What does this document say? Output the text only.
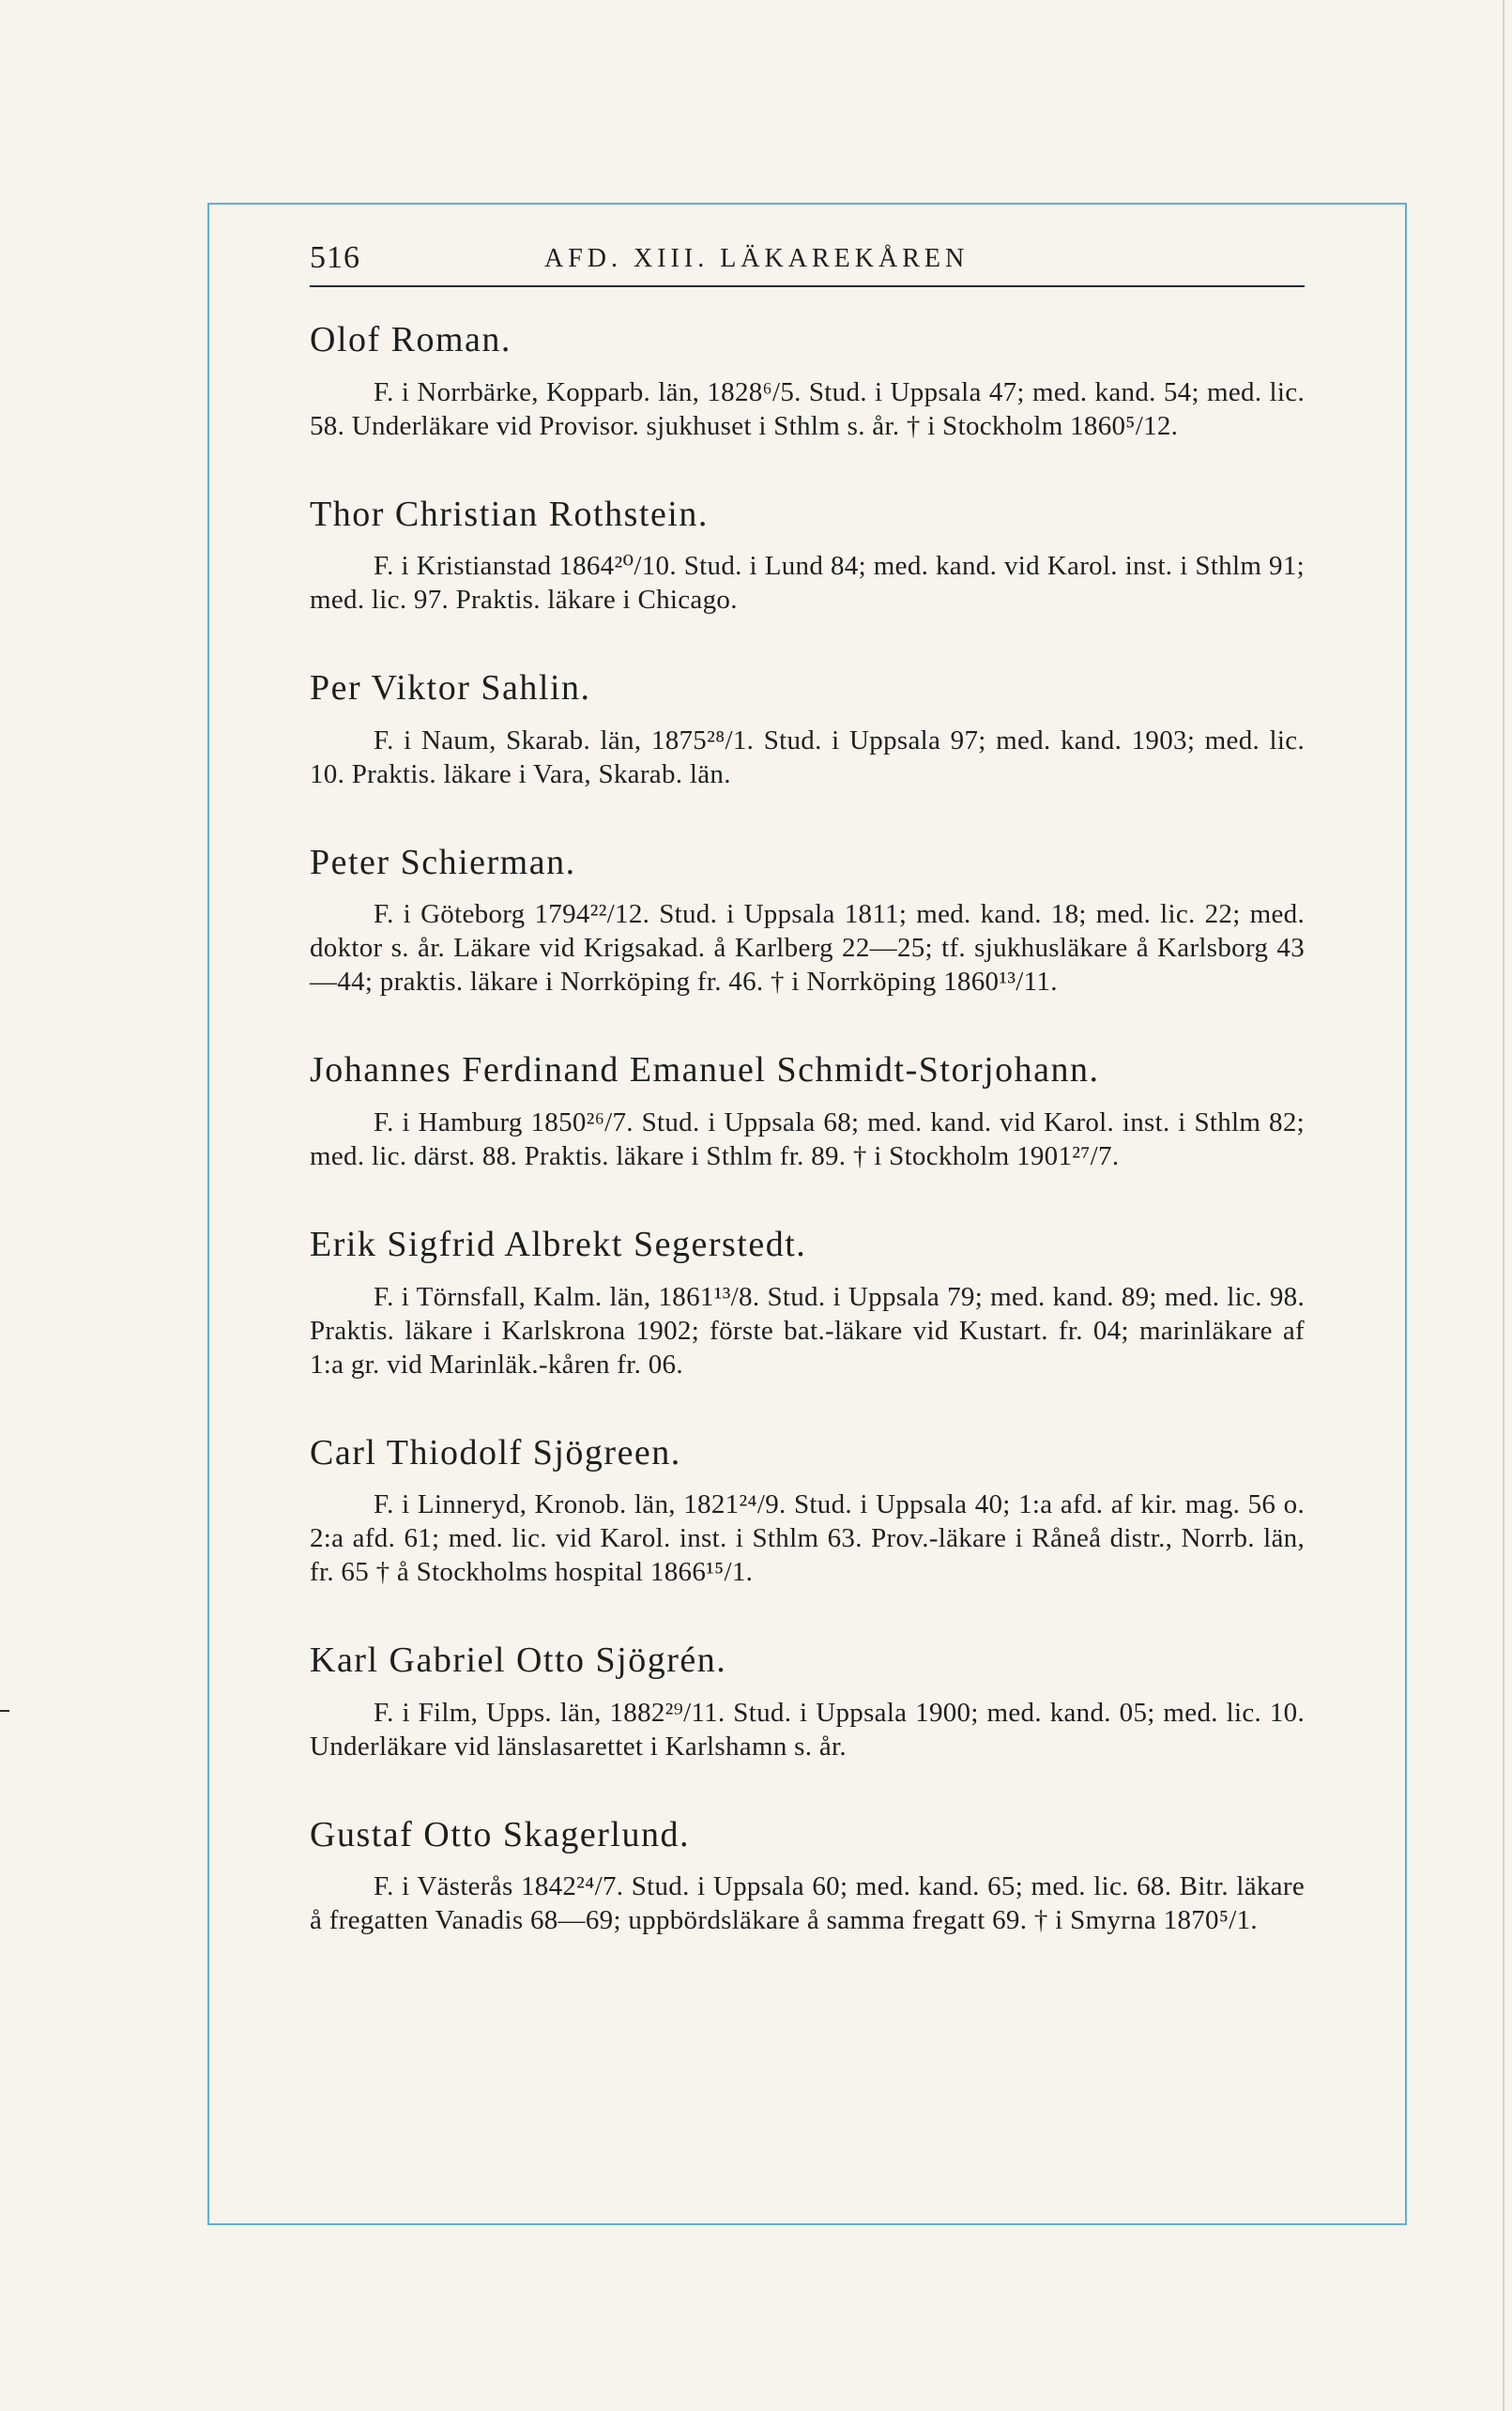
516	AFD. XIII. LÄKAREKÅREN
Olof Roman.
F. i Norrbärke, Kopparb. län, 1828⁶/5. Stud. i Uppsala 47; med. kand. 54; med. lic. 58. Underläkare vid Provisor. sjukhuset i Sthlm s. år. † i Stockholm 1860⁵/12.
Thor Christian Rothstein.
F. i Kristianstad 1864²⁰/10. Stud. i Lund 84; med. kand. vid Karol. inst. i Sthlm 91; med. lic. 97. Praktis. läkare i Chicago.
Per Viktor Sahlin.
F. i Naum, Skarab. län, 1875²⁸/1. Stud. i Uppsala 97; med. kand. 1903; med. lic. 10. Praktis. läkare i Vara, Skarab. län.
Peter Schierman.
F. i Göteborg 1794²²/12. Stud. i Uppsala 1811; med. kand. 18; med. lic. 22; med. doktor s. år. Läkare vid Krigsakad. å Karlberg 22—25; tf. sjukhusläkare å Karlsborg 43—44; praktis. läkare i Norrköping fr. 46. † i Norrköping 1860¹³/11.
Johannes Ferdinand Emanuel Schmidt-Storjohann.
F. i Hamburg 1850²⁶/7. Stud. i Uppsala 68; med. kand. vid Karol. inst. i Sthlm 82; med. lic. därst. 88. Praktis. läkare i Sthlm fr. 89. † i Stockholm 1901²⁷/7.
Erik Sigfrid Albrekt Segerstedt.
F. i Törnsfall, Kalm. län, 1861¹³/8. Stud. i Uppsala 79; med. kand. 89; med. lic. 98. Praktis. läkare i Karlskrona 1902; förste bat.-läkare vid Kustart. fr. 04; marinläkare af 1:a gr. vid Marinläk.-kåren fr. 06.
Carl Thiodolf Sjögreen.
F. i Linneryd, Kronob. län, 1821²⁴/9. Stud. i Uppsala 40; 1:a afd. af kir. mag. 56 o. 2:a afd. 61; med. lic. vid Karol. inst. i Sthlm 63. Prov.-läkare i Råneå distr., Norrb. län, fr. 65 † å Stockholms hospital 1866¹⁵/1.
Karl Gabriel Otto Sjögrén.
F. i Film, Upps. län, 1882²⁹/11. Stud. i Uppsala 1900; med. kand. 05; med. lic. 10. Underläkare vid länslasarettet i Karlshamn s. år.
Gustaf Otto Skagerlund.
F. i Västerås 1842²⁴/7. Stud. i Uppsala 60; med. kand. 65; med. lic. 68. Bitr. läkare å fregatten Vanadis 68—69; uppbördsläkare å samma fregatt 69. † i Smyrna 1870⁵/1.
